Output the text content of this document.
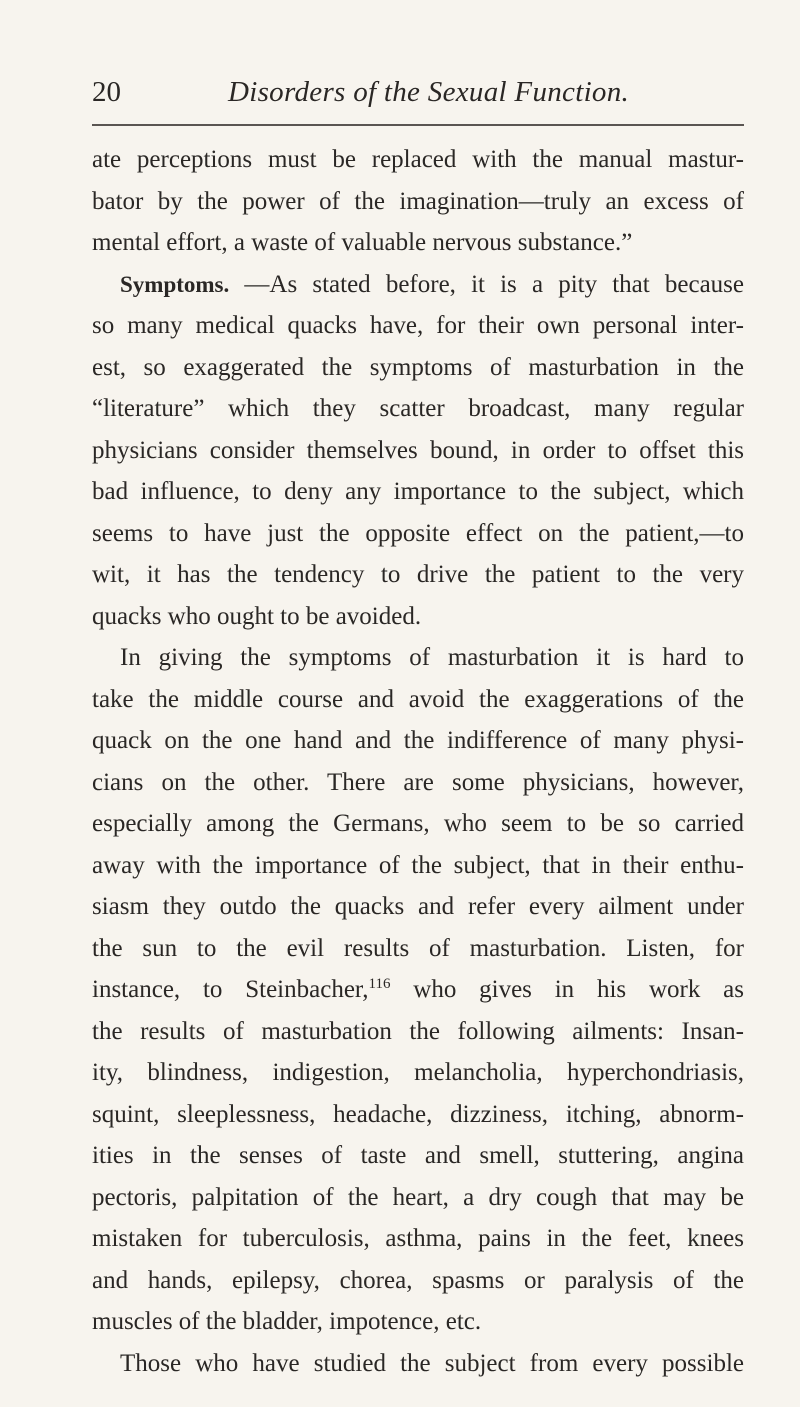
20	Disorders of the Sexual Function.
ate perceptions must be replaced with the manual mastur-
bator by the power of the imagination—truly an excess of
mental effort, a waste of valuable nervous substance.”
Symptoms. —As stated before, it is a pity that because
so many medical quacks have, for their own personal inter-
est, so exaggerated the symptoms of masturbation in the
“literature” which they scatter broadcast, many regular
physicians consider themselves bound, in order to offset this
bad influence, to deny any importance to the subject, which
seems to have just the opposite effect on the patient,—to
wit, it has the tendency to drive the patient to the very
quacks who ought to be avoided.
In giving the symptoms of masturbation it is hard to
take the middle course and avoid the exaggerations of the
quack on the one hand and the indifference of many physi-
cians on the other. There are some physicians, however,
especially among the Germans, who seem to be so carried
away with the importance of the subject, that in their enthu-
siasm they outdo the quacks and refer every ailment under
the sun to the evil results of masturbation. Listen, for
instance, to Steinbacher,$^{116}$ who gives in his work as
the results of masturbation the following ailments: Insan-
ity, blindness, indigestion, melancholia, hyperchondriasis,
squint, sleeplessness, headache, dizziness, itching, abnorm-
ities in the senses of taste and smell, stuttering, angina
pectoris, palpitation of the heart, a dry cough that may be
mistaken for tuberculosis, asthma, pains in the feet, knees
and hands, epilepsy, chorea, spasms or paralysis of the
muscles of the bladder, impotence, etc.
Those who have studied the subject from every possible
